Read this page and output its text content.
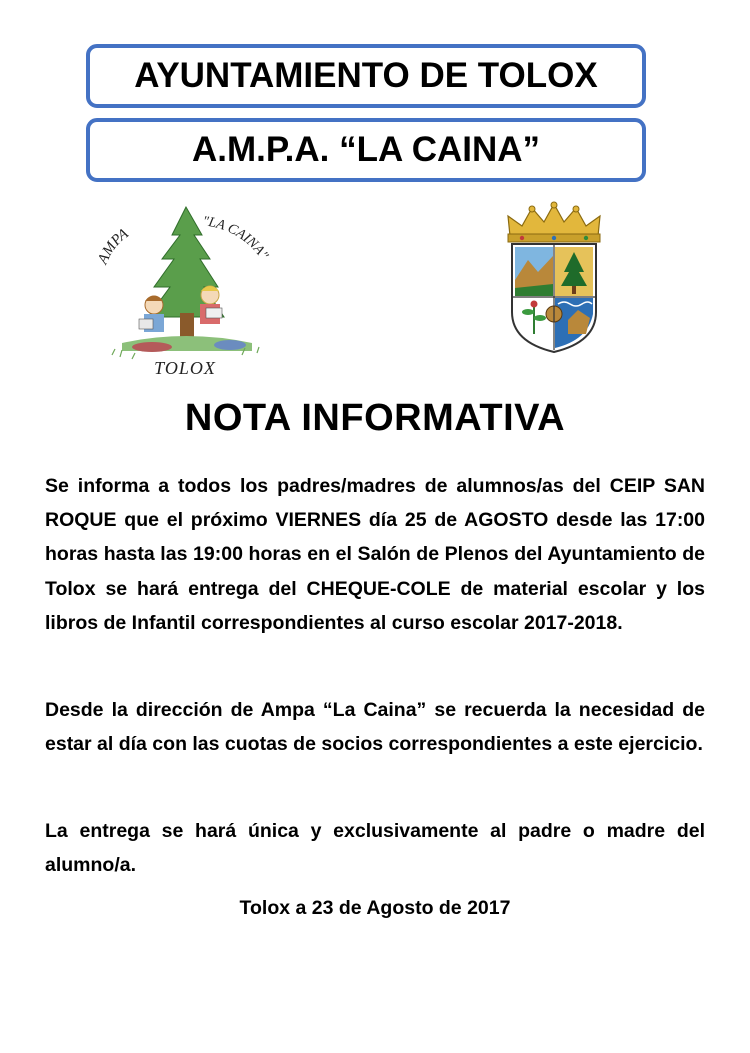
AYUNTAMIENTO DE TOLOX
A.M.P.A. “LA CAINA”
AMPA
"LA CAINA"
TOLOX
NOTA INFORMATIVA
Se informa a todos los padres/madres de alumnos/as del CEIP SAN ROQUE que el próximo VIERNES día 25 de AGOSTO desde las 17:00 horas hasta las 19:00 horas en el Salón de Plenos del Ayuntamiento de Tolox se hará entrega del CHEQUE-COLE de material escolar y los libros de Infantil correspondientes al curso escolar 2017-2018.
Desde la dirección de Ampa “La Caina” se recuerda la necesidad de estar al día con las cuotas de socios correspondientes a este ejercicio.
La entrega se hará única y exclusivamente al padre o madre del alumno/a.
Tolox a 23 de Agosto de 2017
